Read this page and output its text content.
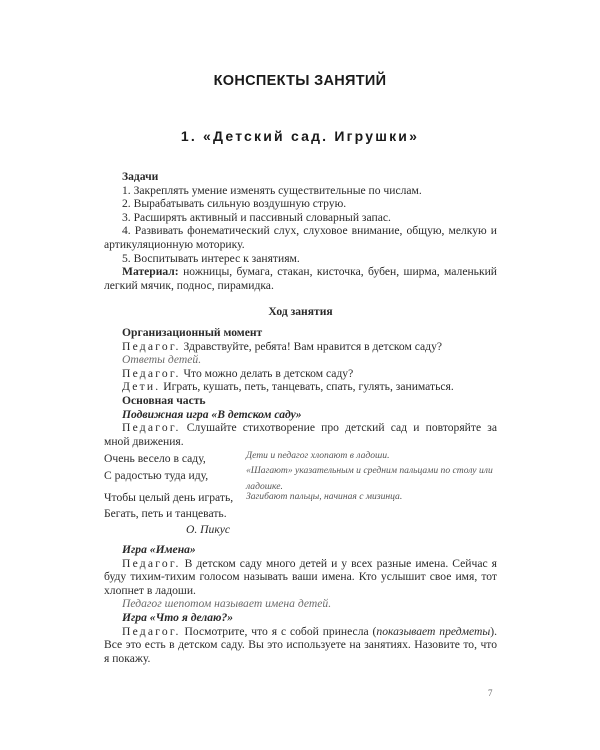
КОНСПЕКТЫ ЗАНЯТИЙ
1. «Детский сад. Игрушки»

Задачи

1. Закреплять умение изменять существительные по числам.

2. Вырабатывать сильную воздушную струю.

3. Расширять активный и пассивный словарный запас.

4. Развивать фонематический слух, слуховое внимание, общую, мелкую и артикуляционную моторику.

5. Воспитывать интерес к занятиям.

Материал: ножницы, бумага, стакан, кисточка, бубен, ширма, маленький легкий мячик, поднос, пирамидка.

Ход занятия

Организационный момент

Педагог. Здравствуйте, ребята! Вам нравится в детском саду?

Ответы детей.

Педагог. Что можно делать в детском саду?

Дети. Играть, кушать, петь, танцевать, спать, гулять, заниматься.

Основная часть

Подвижная игра «В детском саду»

Педагог. Слушайте стихотворение про детский сад и повторяйте за мной движения.

Очень весело в саду,
С радостью туда иду,
Чтобы целый день играть,
Бегать, петь и танцевать.
О. Пикус
Дети и педагог хлопают в ладоши.
«Шагают» указательным и средним пальцами по столу или ладошке.
Загибают пальцы, начиная с мизинца.

Игра «Имена»

Педагог. В детском саду много детей и у всех разные имена. Сейчас я буду тихим-тихим голосом называть ваши имена. Кто услышит свое имя, тот хлопнет в ладоши.

Педагог шепотом называет имена детей.

Игра «Что я делаю?»

Педагог. Посмотрите, что я с собой принесла (показывает предметы). Все это есть в детском саду. Вы это используете на занятиях. Назовите то, что я покажу.

7
